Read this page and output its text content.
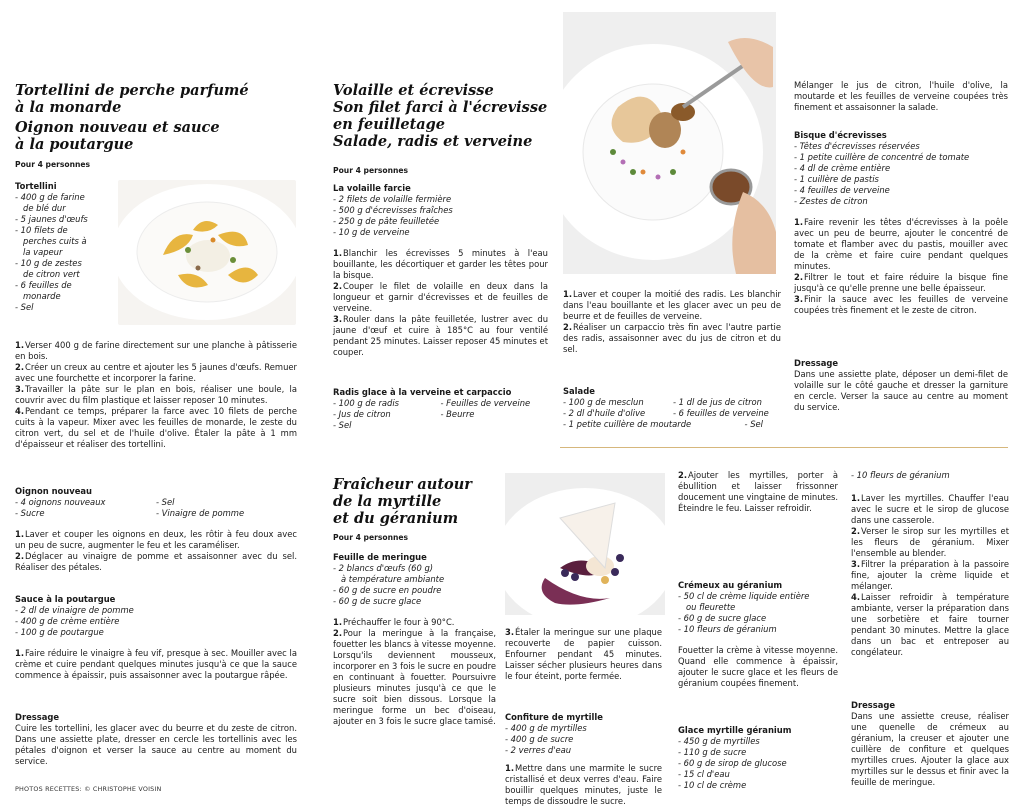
Tortellini de perche parfumé
à la monarde
Oignon nouveau et sauce
à la poutargue
Pour 4 personnes
Tortellini
- 400 g de farine
de blé dur
- 5 jaunes d'œufs
- 10 filets de
perches cuits à
la vapeur
- 10 g de zestes
de citron vert
- 6 feuilles de
monarde
- Sel
1.Verser 400 g de farine directement sur une planche à pâtisserie en bois.
2.Créer un creux au centre et ajouter les 5 jaunes d'œufs. Remuer avec une fourchette et incorporer la farine.
3.Travailler la pâte sur le plan en bois, réaliser une boule, la couvrir avec du film plastique et laisser reposer 10 minutes.
4.Pendant ce temps, préparer la farce avec 10 filets de perche cuits à la vapeur. Mixer avec les feuilles de monarde, le zeste du citron vert, du sel et de l'huile d'olive. Étaler la pâte à 1 mm d'épaisseur et réaliser des tortellini.
Oignon nouveau
- 4 oignons nouveaux
- Sucre
- Sel
- Vinaigre de pomme
1.Laver et couper les oignons en deux, les rôtir à feu doux avec un peu de sucre, augmenter le feu et les caraméliser.
2.Déglacer au vinaigre de pomme et assaisonner avec du sel. Réaliser des pétales.
Sauce à la poutargue
- 2 dl de vinaigre de pomme
- 400 g de crème entière
- 100 g de poutargue
1.Faire réduire le vinaigre à feu vif, presque à sec. Mouiller avec la crème et cuire pendant quelques minutes jusqu'à ce que la sauce commence à épaissir, puis assaisonner avec la poutargue râpée.
Dressage
Cuire les tortellini, les glacer avec du beurre et du zeste de citron. Dans une assiette plate, dresser en cercle les tortellinis avec les pétales d'oignon et verser la sauce au centre au moment du service.
PHOTOS RECETTES: © CHRISTOPHE VOISIN
Volaille et écrevisse
Son filet farci à l'écrevisse
en feuilletage
Salade, radis et verveine
Pour 4 personnes
La volaille farcie
- 2 filets de volaille fermière
- 500 g d'écrevisses fraîches
- 250 g de pâte feuilletée
- 10 g de verveine
1.Blanchir les écrevisses 5 minutes à l'eau bouillante, les décortiquer et garder les têtes pour la bisque.
2.Couper le filet de volaille en deux dans la longueur et garnir d'écrevisses et de feuilles de verveine.
3.Rouler dans la pâte feuilletée, lustrer avec du jaune d'œuf et cuire à 185°C au four ventilé pendant 25 minutes. Laisser reposer 45 minutes et couper.
Radis glace à la verveine et carpaccio
- 100 g de radis
- Jus de citron
- Sel
- Feuilles de verveine
- Beurre
1.Laver et couper la moitié des radis. Les blanchir dans l'eau bouillante et les glacer avec un peu de beurre et de feuilles de verveine.
2.Réaliser un carpaccio très fin avec l'autre partie des radis, assaisonner avec du jus de citron et du sel.
Salade
- 100 g de mesclun
- 2 dl d'huile d'olive
- 1 dl de jus de citron
- 6 feuilles de verveine
- 1 petite cuillère de moutarde	- Sel
Mélanger le jus de citron, l'huile d'olive, la moutarde et les feuilles de verveine coupées très finement et assaisonner la salade.
Bisque d'écrevisses
- Têtes d'écrevisses réservées
- 1 petite cuillère de concentré de tomate
- 4 dl de crème entière
- 1 cuillère de pastis
- 4 feuilles de verveine
- Zestes de citron
1.Faire revenir les têtes d'écrevisses à la poêle avec un peu de beurre, ajouter le concentré de tomate et flamber avec du pastis, mouiller avec de la crème et faire cuire pendant quelques minutes.
2.Filtrer le tout et faire réduire la bisque fine jusqu'à ce qu'elle prenne une belle épaisseur.
3.Finir la sauce avec les feuilles de verveine coupées très finement et le zeste de citron.
Dressage
Dans une assiette plate, déposer un demi-filet de volaille sur le côté gauche et dresser la garniture en cercle. Verser la sauce au centre au moment du service.
Fraîcheur autour
de la myrtille
et du géranium
Pour 4 personnes
Feuille de meringue
- 2 blancs d'œufs (60 g)
à température ambiante
- 60 g de sucre en poudre
- 60 g de sucre glace
1.Préchauffer le four à 90°C.
2.Pour la meringue à la française, fouetter les blancs à vitesse moyenne. Lorsqu'ils deviennent mousseux, incorporer en 3 fois le sucre en poudre en continuant à fouetter. Poursuivre plusieurs minutes jusqu'à ce que le sucre soit bien dissous. Lorsque la meringue forme un bec d'oiseau, ajouter en 3 fois le sucre glace tamisé.
3.Étaler la meringue sur une plaque recouverte de papier cuisson. Enfourner pendant 45 minutes. Laisser sécher plusieurs heures dans le four éteint, porte fermée.
Confiture de myrtille
- 400 g de myrtilles
- 400 g de sucre
- 2 verres d'eau
1.Mettre dans une marmite le sucre cristallisé et deux verres d'eau. Faire bouillir quelques minutes, juste le temps de dissoudre le sucre.
2.Ajouter les myrtilles, porter à ébullition et laisser frissonner doucement une vingtaine de minutes. Éteindre le feu. Laisser refroidir.
Crémeux au géranium
- 50 cl de crème liquide entière
ou fleurette
- 60 g de sucre glace
- 10 fleurs de géranium
Fouetter la crème à vitesse moyenne. Quand elle commence à épaissir, ajouter le sucre glace et les fleurs de géranium coupées finement.
Glace myrtille géranium
- 450 g de myrtilles
- 110 g de sucre
- 60 g de sirop de glucose
- 15 cl d'eau
- 10 cl de crème
- 10 fleurs de géranium
1.Laver les myrtilles. Chauffer l'eau avec le sucre et le sirop de glucose dans une casserole.
2.Verser le sirop sur les myrtilles et les fleurs de géranium. Mixer l'ensemble au blender.
3.Filtrer la préparation à la passoire fine, ajouter la crème liquide et mélanger.
4.Laisser refroidir à température ambiante, verser la préparation dans une sorbetière et faire tourner pendant 30 minutes. Mettre la glace dans un bac et entreposer au congélateur.
Dressage
Dans une assiette creuse, réaliser une quenelle de crémeux au géranium, la creuser et ajouter une cuillère de confiture et quelques myrtilles crues. Ajouter la glace aux myrtilles sur le dessus et finir avec la feuille de meringue.
